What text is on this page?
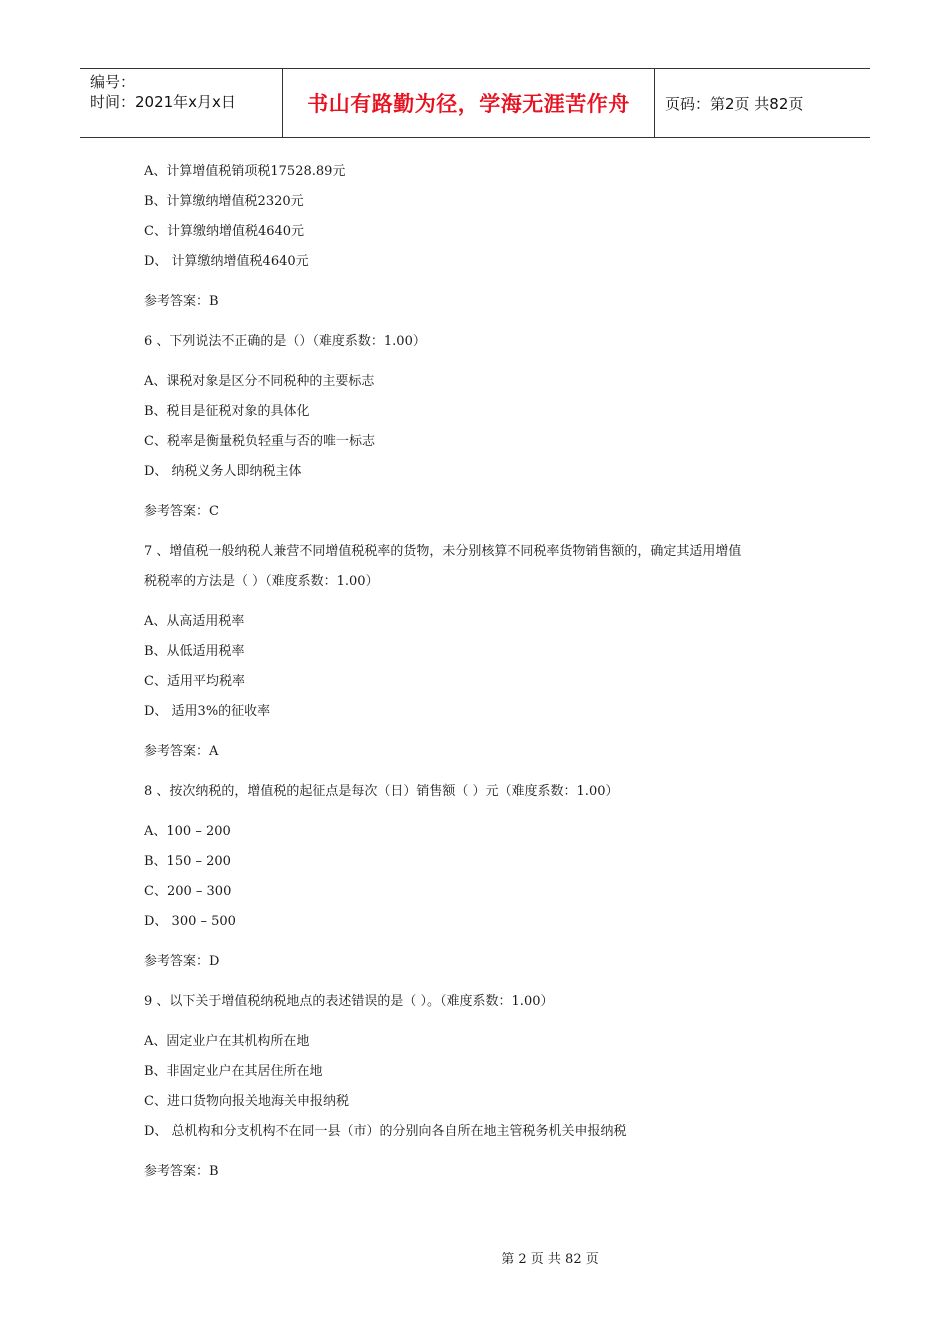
编号：
时间：2021年x月x日	书山有路勤为径，学海无涯苦作舟	页码：第2页 共82页
A、计算增值税销项税17528.89元
B、计算缴纳增值税2320元
C、计算缴纳增值税4640元
D、 计算缴纳增值税4640元
参考答案：B
6 、下列说法不正确的是（）（难度系数：1.00）
A、课税对象是区分不同税种的主要标志
B、税目是征税对象的具体化
C、税率是衡量税负轻重与否的唯一标志
D、 纳税义务人即纳税主体
参考答案：C
7 、增值税一般纳税人兼营不同增值税税率的货物，未分别核算不同税率货物销售额的，确定其适用增值
税税率的方法是（ ）（难度系数：1.00）
A、从高适用税率
B、从低适用税率
C、适用平均税率
D、 适用3%的征收率
参考答案：A
8 、按次纳税的，增值税的起征点是每次（日）销售额（ ）元（难度系数：1.00）
A、100 – 200
B、150 – 200
C、200 – 300
D、 300 – 500
参考答案：D
9 、以下关于增值税纳税地点的表述错误的是（ ）。（难度系数：1.00）
A、固定业户在其机构所在地
B、非固定业户在其居住所在地
C、进口货物向报关地海关申报纳税
D、 总机构和分支机构不在同一县（市）的分别向各自所在地主管税务机关申报纳税
参考答案：B
第 2 页 共 82 页
